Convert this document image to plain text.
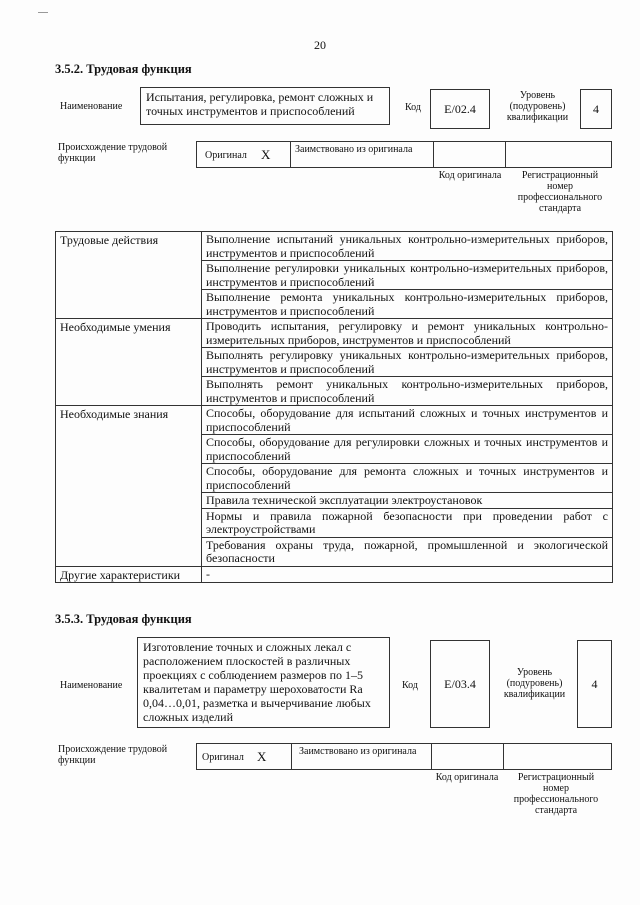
20
3.5.2. Трудовая функция
Наименование
Испытания, регулировка, ремонт сложных и точных инструментов и приспособлений	Код	E/02.4
Уровень (подуровень) квалификации
4
Происхождение трудовой функции	Оригинал X Заимствовано из оригинала
Код оригинала	Регистрационный номер профессионального стандарта
Трудовые действия	Выполнение испытаний уникальных контрольно-измерительных приборов, инструментов и приспособлений
	Выполнение регулировки уникальных контрольно-измерительных приборов, инструментов и приспособлений
	Выполнение ремонта уникальных контрольно-измерительных приборов, инструментов и приспособлений
Необходимые умения	Проводить испытания, регулировку и ремонт уникальных контрольно-измерительных приборов, инструментов и приспособлений
	Выполнять регулировку уникальных контрольно-измерительных приборов, инструментов и приспособлений
	Выполнять ремонт уникальных контрольно-измерительных приборов, инструментов и приспособлений
Необходимые знания	Способы, оборудование для испытаний сложных и точных инструментов и приспособлений
	Способы, оборудование для регулировки сложных и точных инструментов и приспособлений
	Способы, оборудование для ремонта сложных и точных инструментов и приспособлений
	Правила технической эксплуатации электроустановок
	Нормы и правила пожарной безопасности при проведении работ с электроустройствами
	Требования охраны труда, пожарной, промышленной и экологической безопасности
Другие характеристики	-
3.5.3. Трудовая функция
Наименование
Изготовление точных и сложных лекал с расположением плоскостей в различных проекциях с соблюдением размеров по 1–5 квалитетам и параметру шероховатости Ra 0,04…0,01, разметка и вычерчивание любых сложных изделий
Код	E/03.4
Уровень (подуровень) квалификации
4
Происхождение трудовой функции	Оригинал X	Заимствовано из оригинала
Код оригинала	Регистрационный номер профессионального стандарта
